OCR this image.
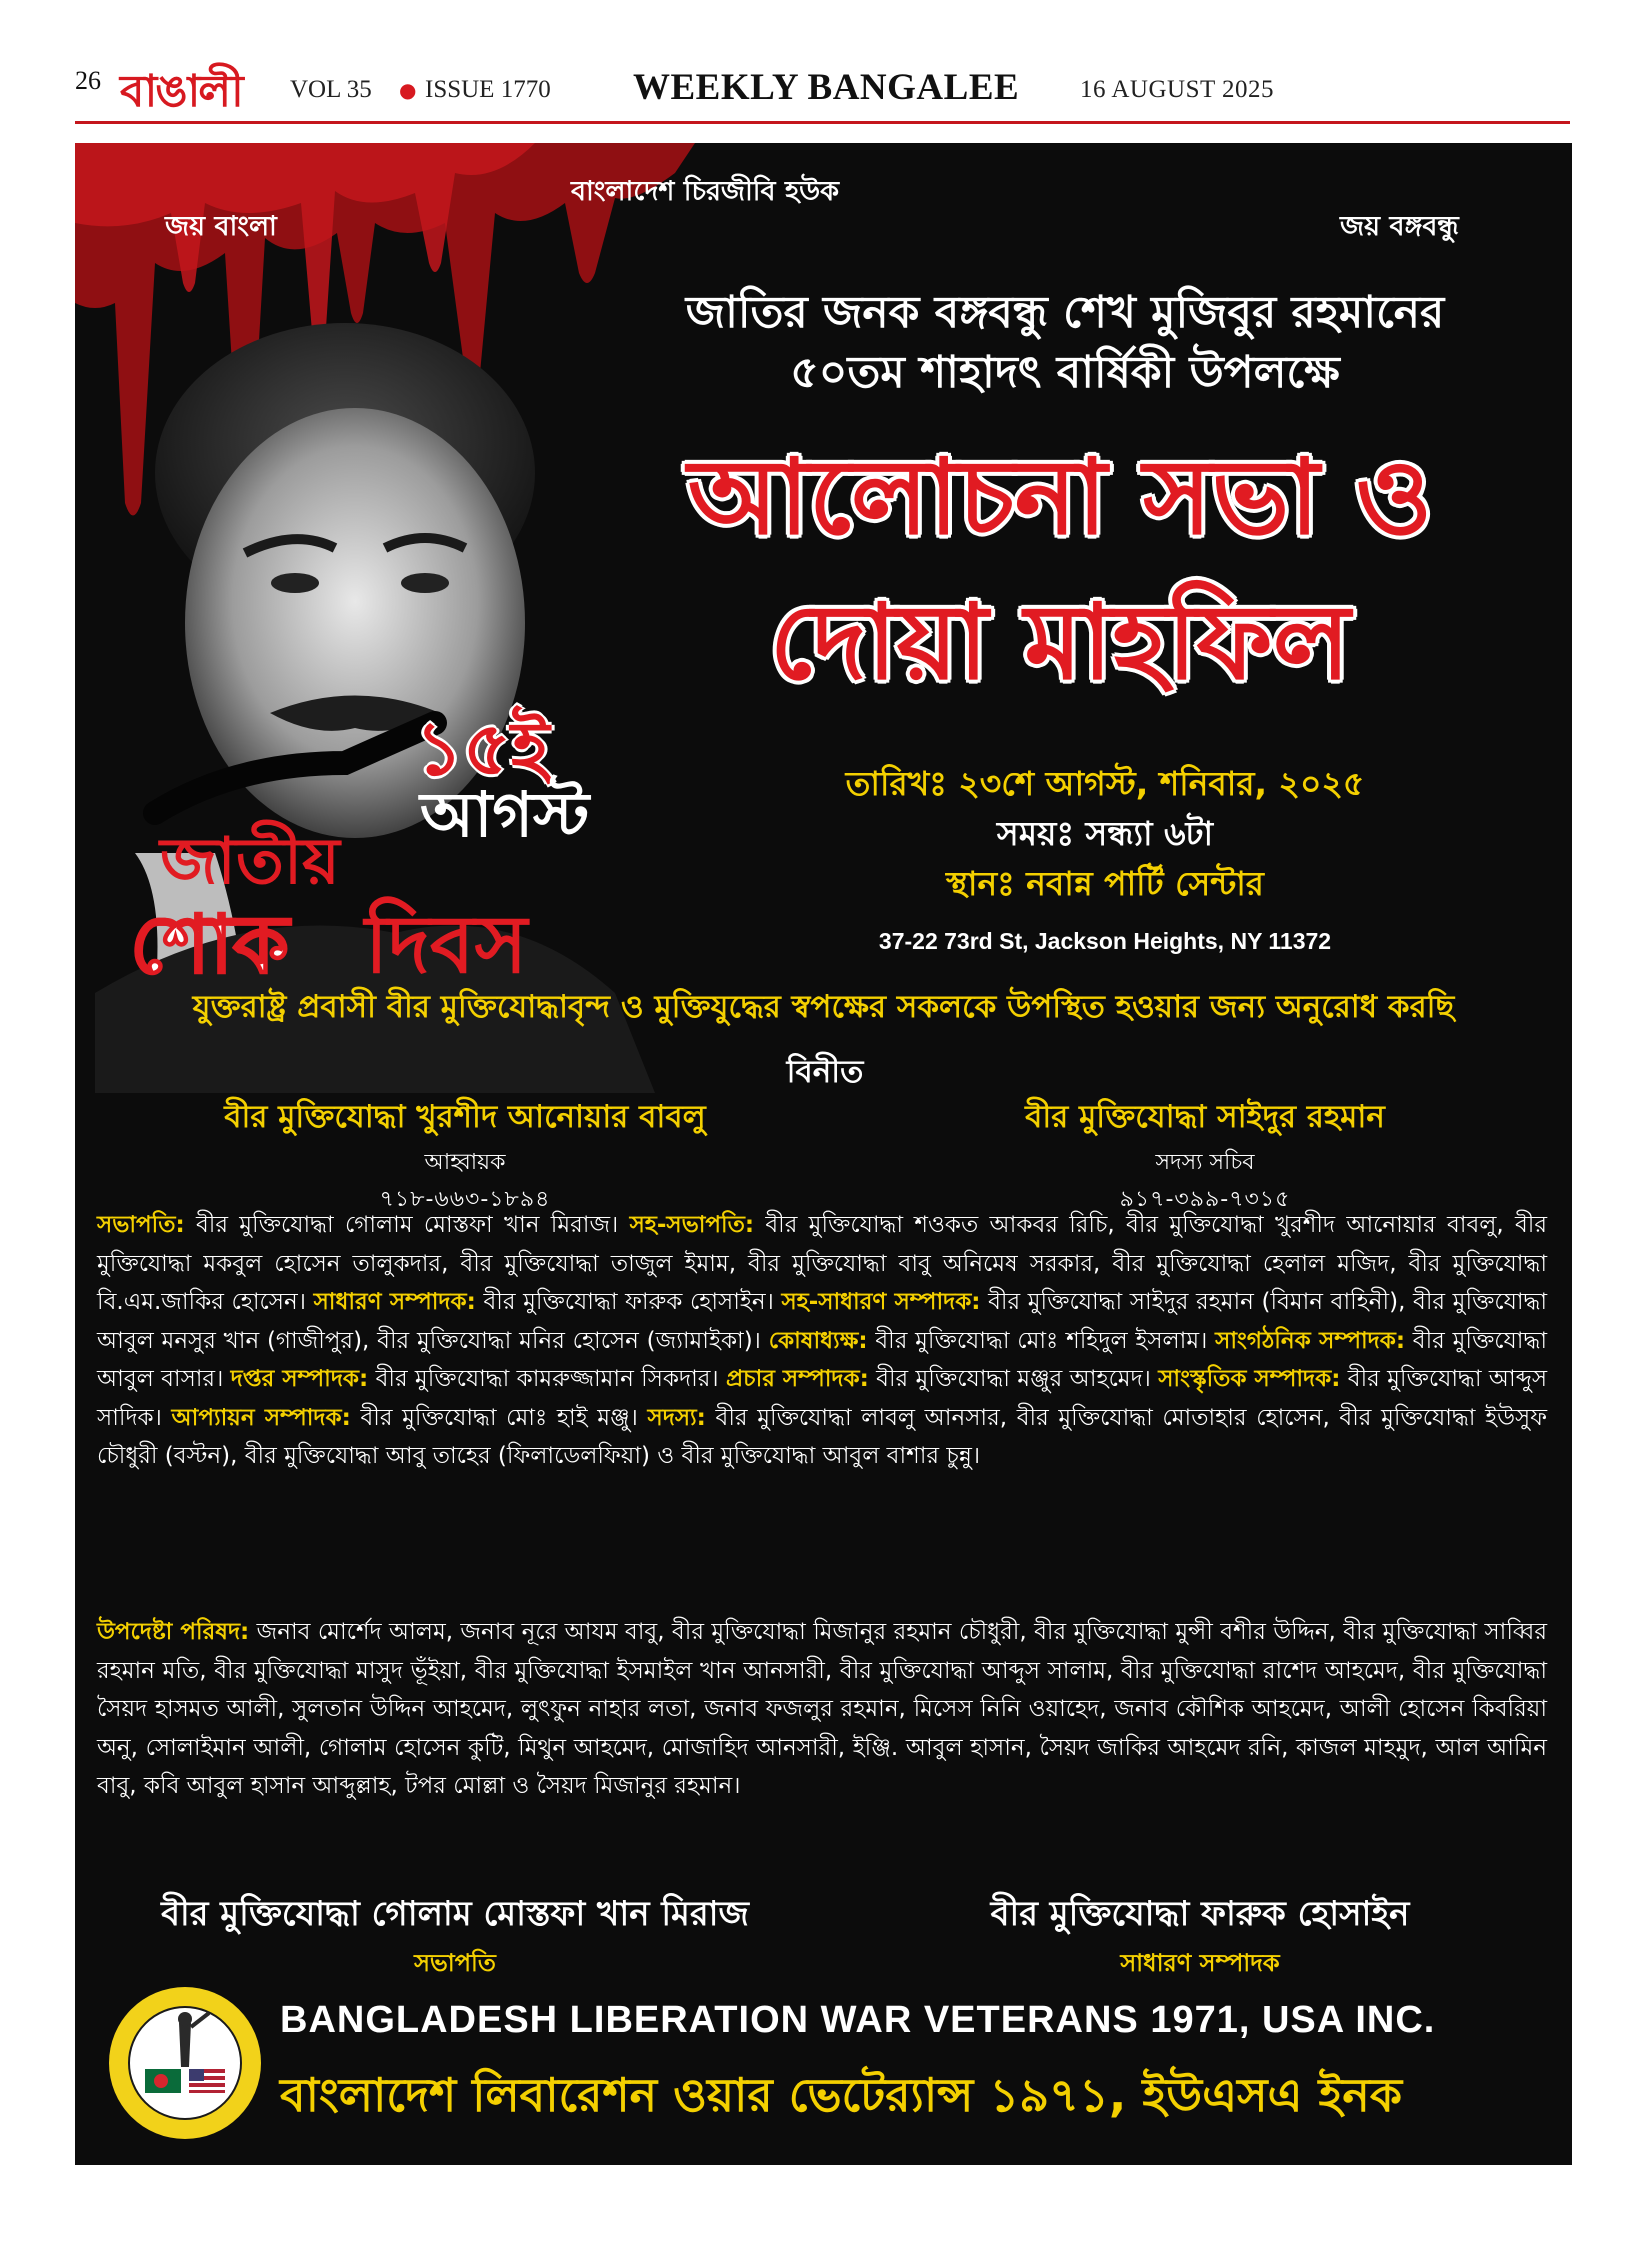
26 বাঙালী VOL 35 ● ISSUE 1770 WEEKLY BANGALEE 16 AUGUST 2025
বাংলাদেশ চিরজীবি হউক
জয় বাংলা	জয় বঙ্গবন্ধু
জাতির জনক বঙ্গবন্ধু শেখ মুজিবুর রহমানের
৫০তম শাহাদৎ বার্ষিকী উপলক্ষে
আলোচনা সভা ও
দোয়া মাহফিল
১৫ই
আগস্ট
জাতীয়
শোক দিবস
তারিখঃ ২৩শে আগস্ট, শনিবার, ২০২৫
সময়ঃ সন্ধ্যা ৬টা
স্থানঃ নবান্ন পার্টি সেন্টার
37-22 73rd St, Jackson Heights, NY 11372
যুক্তরাষ্ট্র প্রবাসী বীর মুক্তিযোদ্ধাবৃন্দ ও মুক্তিযুদ্ধের স্বপক্ষের সকলকে উপস্থিত হওয়ার জন্য অনুরোধ করছি
বিনীত
বীর মুক্তিযোদ্ধা খুরশীদ আনোয়ার বাবলু
আহ্বায়ক
৭১৮-৬৬৩-১৮৯৪
বীর মুক্তিযোদ্ধা সাইদুর রহমান
সদস্য সচিব
৯১৭-৩৯৯-৭৩১৫
সভাপতি: বীর মুক্তিযোদ্ধা গোলাম মোস্তফা খান মিরাজ। সহ-সভাপতি: বীর মুক্তিযোদ্ধা শওকত আকবর রিচি, বীর মুক্তিযোদ্ধা খুরশীদ আনোয়ার বাবলু, বীর মুক্তিযোদ্ধা মকবুল হোসেন তালুকদার, বীর মুক্তিযোদ্ধা তাজুল ইমাম, বীর মুক্তিযোদ্ধা বাবু অনিমেষ সরকার, বীর মুক্তিযোদ্ধা হেলাল মজিদ, বীর মুক্তিযোদ্ধা বি.এম.জাকির হোসেন। সাধারণ সম্পাদক: বীর মুক্তিযোদ্ধা ফারুক হোসাইন। সহ-সাধারণ সম্পাদক: বীর মুক্তিযোদ্ধা সাইদুর রহমান (বিমান বাহিনী), বীর মুক্তিযোদ্ধা আবুল মনসুর খান (গাজীপুর), বীর মুক্তিযোদ্ধা মনির হোসেন (জ্যামাইকা)। কোষাধ্যক্ষ: বীর মুক্তিযোদ্ধা মোঃ শহিদুল ইসলাম। সাংগঠনিক সম্পাদক: বীর মুক্তিযোদ্ধা আবুল বাসার। দপ্তর সম্পাদক: বীর মুক্তিযোদ্ধা কামরুজ্জামান সিকদার। প্রচার সম্পাদক: বীর মুক্তিযোদ্ধা মঞ্জুর আহমেদ। সাংস্কৃতিক সম্পাদক: বীর মুক্তিযোদ্ধা আব্দুস সাদিক। আপ্যায়ন সম্পাদক: বীর মুক্তিযোদ্ধা মোঃ হাই মঞ্জু। সদস্য: বীর মুক্তিযোদ্ধা লাবলু আনসার, বীর মুক্তিযোদ্ধা মোতাহার হোসেন, বীর মুক্তিযোদ্ধা ইউসুফ চৌধুরী (বস্টন), বীর মুক্তিযোদ্ধা আবু তাহের (ফিলাডেলফিয়া) ও বীর মুক্তিযোদ্ধা আবুল বাশার চুন্নু।
উপদেষ্টা পরিষদ: জনাব মোর্শেদ আলম, জনাব নূরে আযম বাবু, বীর মুক্তিযোদ্ধা মিজানুর রহমান চৌধুরী, বীর মুক্তিযোদ্ধা মুন্সী বশীর উদ্দিন, বীর মুক্তিযোদ্ধা সাব্বির রহমান মতি, বীর মুক্তিযোদ্ধা মাসুদ ভূঁইয়া, বীর মুক্তিযোদ্ধা ইসমাইল খান আনসারী, বীর মুক্তিযোদ্ধা আব্দুস সালাম, বীর মুক্তিযোদ্ধা রাশেদ আহমেদ, বীর মুক্তিযোদ্ধা সৈয়দ হাসমত আলী, সুলতান উদ্দিন আহমেদ, লুৎফুন নাহার লতা, জনাব ফজলুর রহমান, মিসেস নিনি ওয়াহেদ, জনাব কৌশিক আহমেদ, আলী হোসেন কিবরিয়া অনু, সোলাইমান আলী, গোলাম হোসেন কুটি, মিথুন আহমেদ, মোজাহিদ আনসারী, ইঞ্জি. আবুল হাসান, সৈয়দ জাকির আহমেদ রনি, কাজল মাহমুদ, আল আমিন বাবু, কবি আবুল হাসান আব্দুল্লাহ, টপর মোল্লা ও সৈয়দ মিজানুর রহমান।
বীর মুক্তিযোদ্ধা গোলাম মোস্তফা খান মিরাজ
সভাপতি
বীর মুক্তিযোদ্ধা ফারুক হোসাইন
সাধারণ সম্পাদক
BANGLADESH LIBERATION WAR VETERANS 1971, USA INC.
বাংলাদেশ লিবারেশন ওয়ার ভেটের‌্যান্স ১৯৭১, ইউএসএ ইনক
